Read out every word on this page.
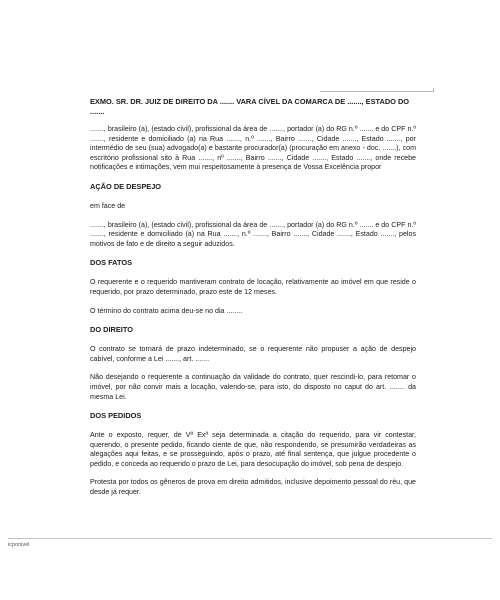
EXMO. SR. DR. JUIZ DE DIREITO DA ....... VARA CÍVEL DA COMARCA DE ......., ESTADO DO .......
......., brasileiro (a), (estado civil), profissional da área de ......., portador (a) do RG n.º ....... e do CPF n.º ......., residente e domiciliado (a) na Rua ......., n.º ......., Bairro ......., Cidade ......., Estado ......., por intermédio de seu (sua) advogado(a) e bastante procurador(a) (procuração em anexo - doc. .......), com escritório profissional sito à Rua ......., nº ......., Bairro ......., Cidade ......., Estado ......., onde recebe notificações e intimações, vem mui respeitosamente à presença de Vossa Excelência propor
AÇÃO DE DESPEJO
em face de
......., brasileiro (a), (estado civil), profissional da área de ......., portador (a) do RG n.º ....... e do CPF n.º ......., residente e domiciliado (a) na Rua ......., n.º ......., Bairro ......., Cidade ......., Estado ......., pelos motivos de fato e de direito a seguir aduzidos.
DOS FATOS
O requerente e o requerido mantiveram contrato de locação, relativamente ao imóvel em que reside o requerido, por prazo determinado, prazo este de 12 meses.
O término do contrato acima deu-se no dia ........
DO DIREITO
O contrato se tornará de prazo indeterminado, se o requerente não propuser a ação de despejo cabível, conforme a Lei ......., art. .......
Não desejando o requerente a continuação da validade do contrato, quer rescindi-lo, para retomar o imóvel, por não convir mais a locação, valendo-se, para isto, do disposto no caput do art. ........ da mesma Lei.
DOS PEDIDOS
Ante o exposto, requer, de Vª Exª seja determinada a citação do requerido, para vir contestar, querendo, o presente pedido, ficando ciente de que, não respondendo, se presumirão verdadeiras as alegações aqui feitas, e se prosseguindo, após o prazo, até final sentença, que julgue procedente o pedido, e conceda ao requerido o prazo de Lei, para desocupação do imóvel, sob pena de despejo.
Protesta por todos os gêneros de prova em direito admitidos, inclusive depoimento pessoal do réu, que desde já requer.
icponivel
